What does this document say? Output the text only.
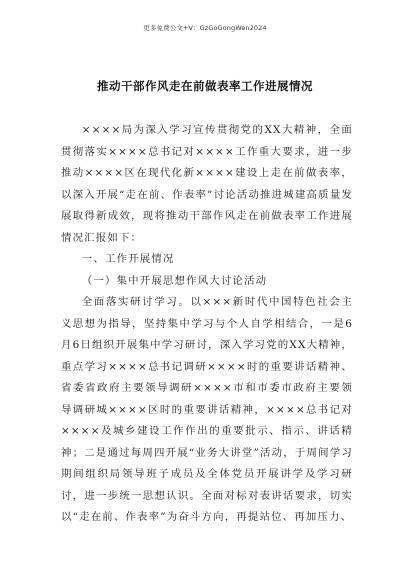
更多免费公文+V：GzGoGongWen2024
推动干部作风走在前做表率工作进展情况

××××局为深入学习宣传贯彻党的XX大精神，全面贯彻落实××××总书记对××××工作重大要求，进一步推动××××区在现代化新××××建设上走在前做表率，以深入开展“走在前、作表率”讨论活动推进城建高质量发展取得新成效，现将推动干部作风走在前做表率工作进展情况汇报如下：

一、工作开展情况

（一）集中开展思想作风大讨论活动

全面落实研讨学习。以×××新时代中国特色社会主义思想为指导，坚持集中学习与个人自学相结合，一是6月6日组织开展集中学习研讨，深入学习党的XX大精神，重点学习××××总书记调研××××时的重要讲话精神、省委省政府主要领导调研××××市和市委市政府主要领导调研城××××区时的重要讲话精神，××××总书记对××××及城乡建设工作作出的重要批示、指示、讲话精神；二是通过每周四开展“业务大讲堂”活动，于周间学习期间组织局领导班子成员及全体党员开展讲学及学习研讨，进一步统一思想认识。全面对标对表讲话要求，切实以“走在前、作表率”为奋斗方向，再提站位、再加压力、
